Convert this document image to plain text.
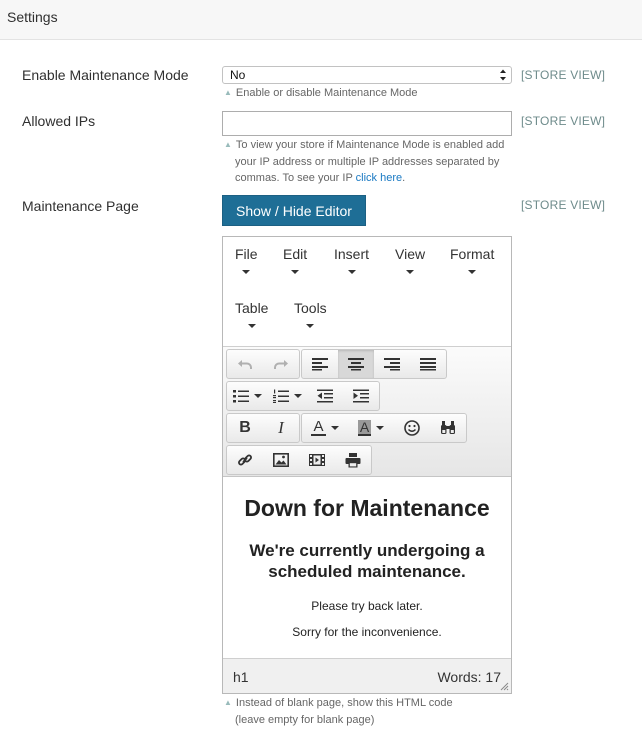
Settings
Enable Maintenance Mode	No	[STORE VIEW]
▲ Enable or disable Maintenance Mode
Allowed IPs	[STORE VIEW]
▲ To view your store if Maintenance Mode is enabled add
your IP address or multiple IP addresses separated by
commas. To see your IP click here.
Maintenance Page	[STORE VIEW]
Show / Hide Editor
File Edit Insert View Format
Table Tools
B	I	A	A
Down for Maintenance
We're currently undergoing a scheduled maintenance.

Please try back later.

Sorry for the inconvenience.

h1	Words: 17
▲ Instead of blank page, show this HTML code
(leave empty for blank page)
